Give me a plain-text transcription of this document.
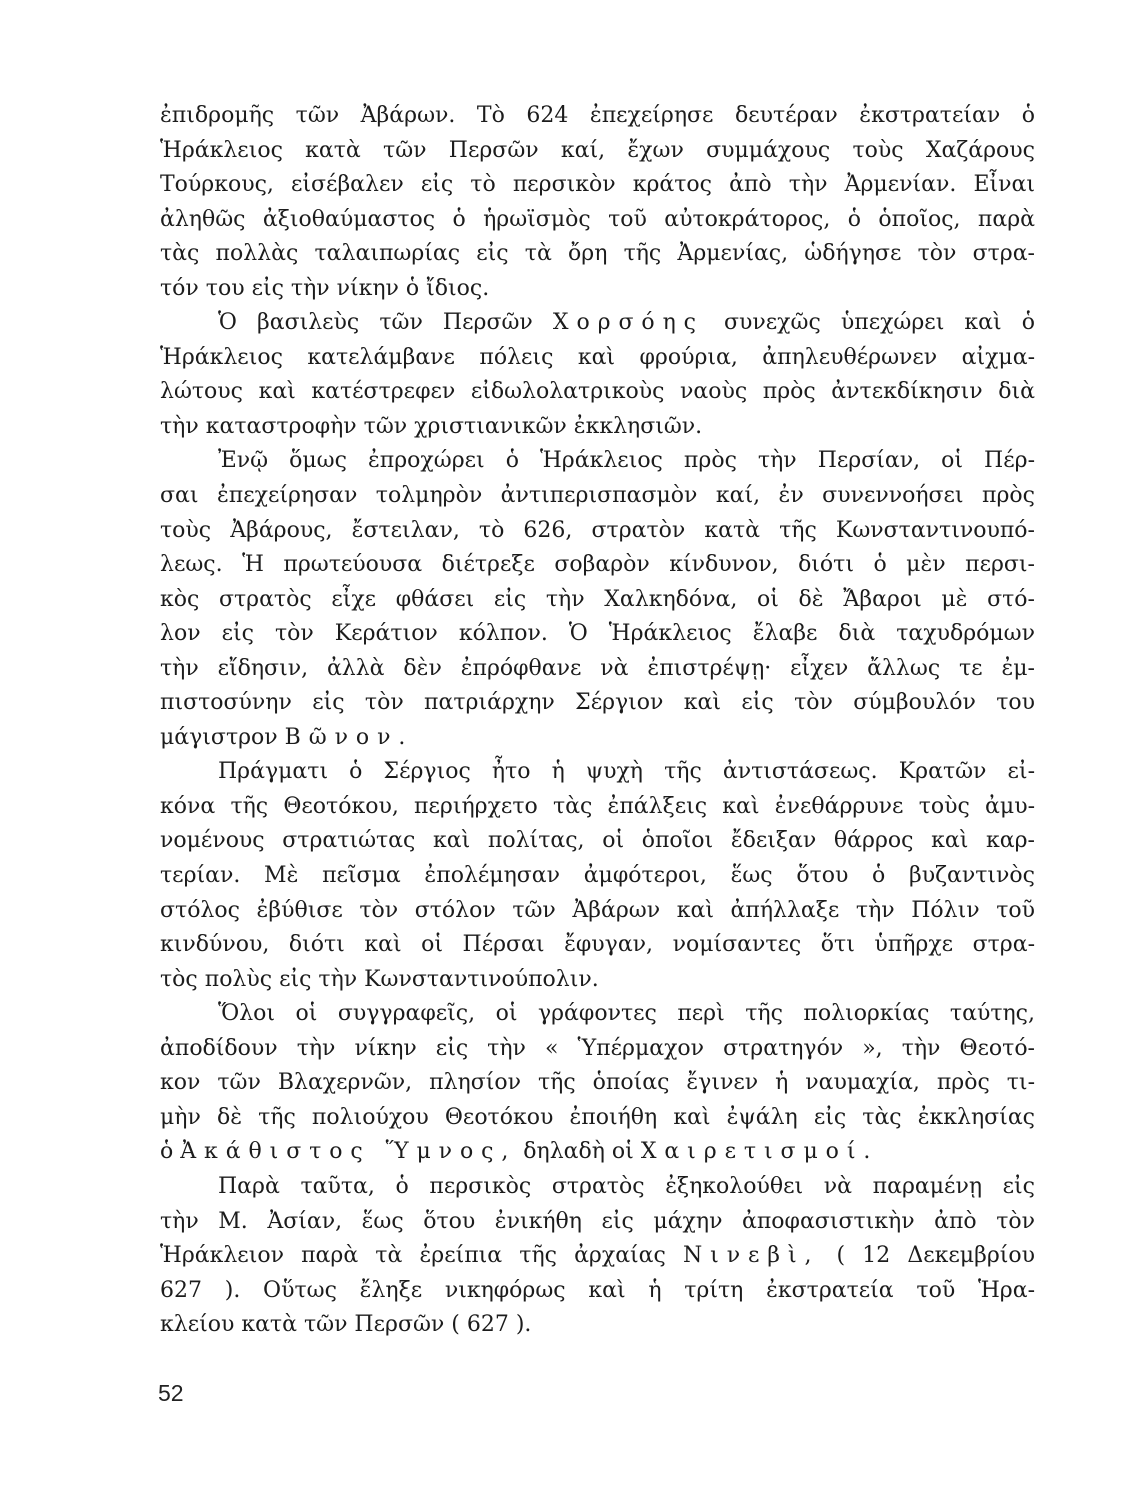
ἐπιδρομῆς τῶν Ἀβάρων. Τὸ 624 ἐπεχείρησε δευτέραν ἐκστρατείαν ὁ
Ἡράκλειος κατὰ τῶν Περσῶν καί, ἔχων συμμάχους τοὺς Χαζάρους
Τούρκους, εἰσέβαλεν εἰς τὸ περσικὸν κράτος ἀπὸ τὴν Ἀρμενίαν. Εἶναι
ἀληθῶς ἀξιοθαύμαστος ὁ ἡρωϊσμὸς τοῦ αὐτοκράτορος, ὁ ὁποῖος, παρὰ
τὰς πολλὰς ταλαιπωρίας εἰς τὰ ὄρη τῆς Ἀρμενίας, ὡδήγησε τὸν στρα-
τόν του εἰς τὴν νίκην ὁ ἴδιος.
Ὁ βασιλεὺς τῶν Περσῶν Χορσόης συνεχῶς ὑπεχώρει καὶ ὁ
Ἡράκλειος κατελάμβανε πόλεις καὶ φρούρια, ἀπηλευθέρωνεν αἰχμα-
λώτους καὶ κατέστρεφεν εἰδωλολατρικοὺς ναοὺς πρὸς ἀντεκδίκησιν διὰ
τὴν καταστροφὴν τῶν χριστιανικῶν ἐκκλησιῶν.
Ἐνῷ ὅμως ἐπροχώρει ὁ Ἡράκλειος πρὸς τὴν Περσίαν, οἱ Πέρ-
σαι ἐπεχείρησαν τολμηρὸν ἀντιπερισπασμὸν καί, ἐν συνεννοήσει πρὸς
τοὺς Ἀβάρους, ἔστειλαν, τὸ 626, στρατὸν κατὰ τῆς Κωνσταντινουπό-
λεως. Ἡ πρωτεύουσα διέτρεξε σοβαρὸν κίνδυνον, διότι ὁ μὲν περσι-
κὸς στρατὸς εἶχε φθάσει εἰς τὴν Χαλκηδόνα, οἱ δὲ Ἄβαροι μὲ στό-
λον εἰς τὸν Κεράτιον κόλπον. Ὁ Ἡράκλειος ἔλαβε διὰ ταχυδρόμων
τὴν εἴδησιν, ἀλλὰ δὲν ἐπρόφθανε νὰ ἐπιστρέψῃ· εἶχεν ἄλλως τε ἐμ-
πιστοσύνην εἰς τὸν πατριάρχην Σέργιον καὶ εἰς τὸν σύμβουλόν του
μάγιστρον Βῶνον.
Πράγματι ὁ Σέργιος ἦτο ἡ ψυχὴ τῆς ἀντιστάσεως. Κρατῶν εἰ-
κόνα τῆς Θεοτόκου, περιήρχετο τὰς ἐπάλξεις καὶ ἐνεθάρρυνε τοὺς ἀμυ-
νομένους στρατιώτας καὶ πολίτας, οἱ ὁποῖοι ἔδειξαν θάρρος καὶ καρ-
τερίαν. Μὲ πεῖσμα ἐπολέμησαν ἀμφότεροι, ἕως ὅτου ὁ βυζαντινὸς
στόλος ἐβύθισε τὸν στόλον τῶν Ἀβάρων καὶ ἀπήλλαξε τὴν Πόλιν τοῦ
κινδύνου, διότι καὶ οἱ Πέρσαι ἔφυγαν, νομίσαντες ὅτι ὑπῆρχε στρα-
τὸς πολὺς εἰς τὴν Κωνσταντινούπολιν.
Ὅλοι οἱ συγγραφεῖς, οἱ γράφοντες περὶ τῆς πολιορκίας ταύτης,
ἀποδίδουν τὴν νίκην εἰς τὴν « Ὑπέρμαχον στρατηγόν », τὴν Θεοτό-
κον τῶν Βλαχερνῶν, πλησίον τῆς ὁποίας ἔγινεν ἡ ναυμαχία, πρὸς τι-
μὴν δὲ τῆς πολιούχου Θεοτόκου ἐποιήθη καὶ ἐψάλη εἰς τὰς ἐκκλησίας
ὁ Ἀκάθιστος Ὕμνος, δηλαδὴ οἱ Χαιρετισμοί.
Παρὰ ταῦτα, ὁ περσικὸς στρατὸς ἐξηκολούθει νὰ παραμένῃ εἰς
τὴν Μ. Ἀσίαν, ἕως ὅτου ἐνικήθη εἰς μάχην ἀποφασιστικὴν ἀπὸ τὸν
Ἡράκλειον παρὰ τὰ ἐρείπια τῆς ἀρχαίας Νινεβὶ, ( 12 Δεκεμβρίου
627 ). Οὕτως ἔληξε νικηφόρως καὶ ἡ τρίτη ἐκστρατεία τοῦ Ἡρα-
κλείου κατὰ τῶν Περσῶν ( 627 ).
52
